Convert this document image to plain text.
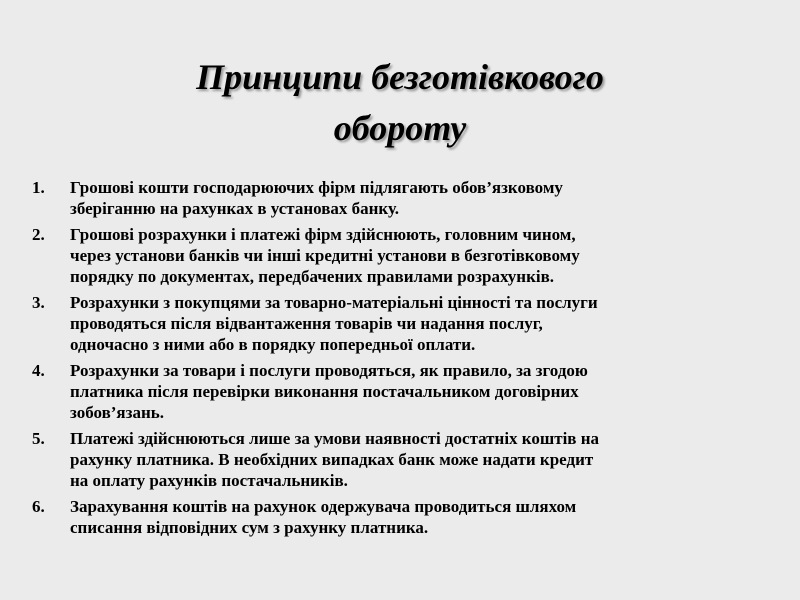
Принципи безготівкового
обороту
1.	Грошові кошти господарюючих фірм підлягають обов’язковому
зберіганню на рахунках в установах банку.
2.	Грошові розрахунки і платежі фірм здійснюють, головним чином,
через установи банків чи інші кредитні установи в безготівковому
порядку по документах, передбачених правилами розрахунків.
3.	Розрахунки з покупцями за товарно-матеріальні цінності та послуги
проводяться після відвантаження товарів чи надання послуг,
одночасно з ними або в порядку попередньої оплати.
4.	Розрахунки за товари і послуги проводяться, як правило, за згодою
платника після перевірки виконання постачальником договірних
зобов’язань.
5.	Платежі здійснюються лише за умови наявності достатніх коштів на
рахунку платника. В необхідних випадках банк може надати кредит
на оплату рахунків постачальників.
6.	Зарахування коштів на рахунок одержувача проводиться шляхом
списання відповідних сум з рахунку платника.
